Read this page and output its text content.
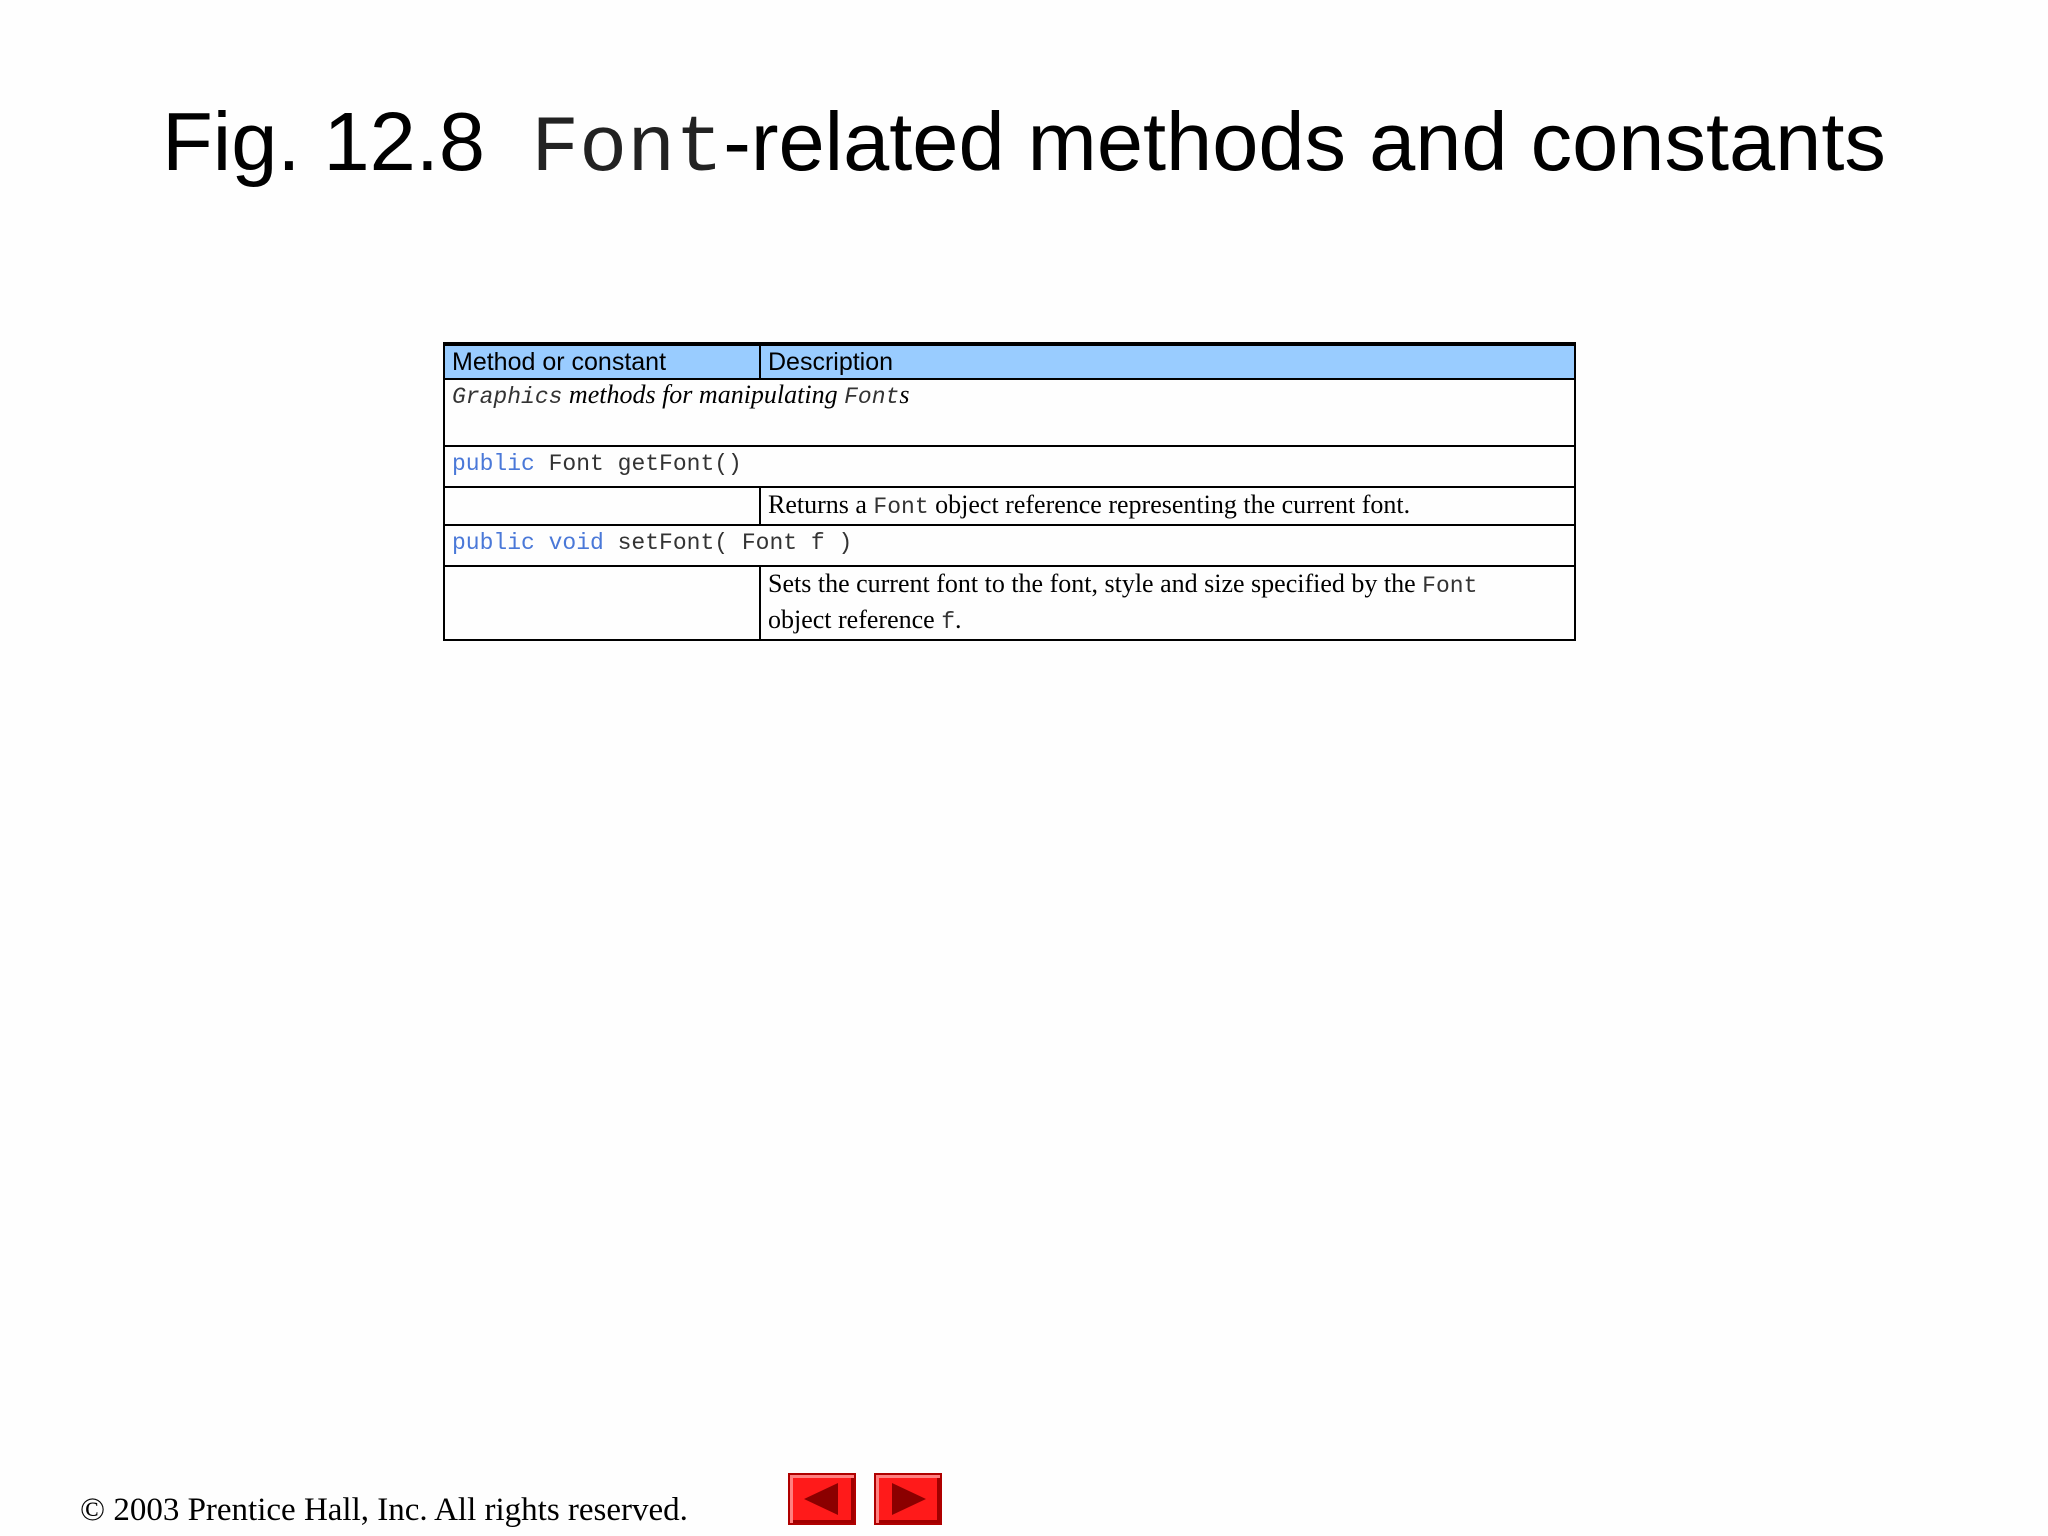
Fig. 12.8 Font-related methods and constants
Method or constant	Description
Graphics methods for manipulating Fonts	
public Font getFont()	
	Returns a Font object reference representing the current font.
public void setFont( Font f )	
	Sets the current font to the font, style and size specified by the Font
object reference f.
© 2003 Prentice Hall, Inc. All rights reserved.
